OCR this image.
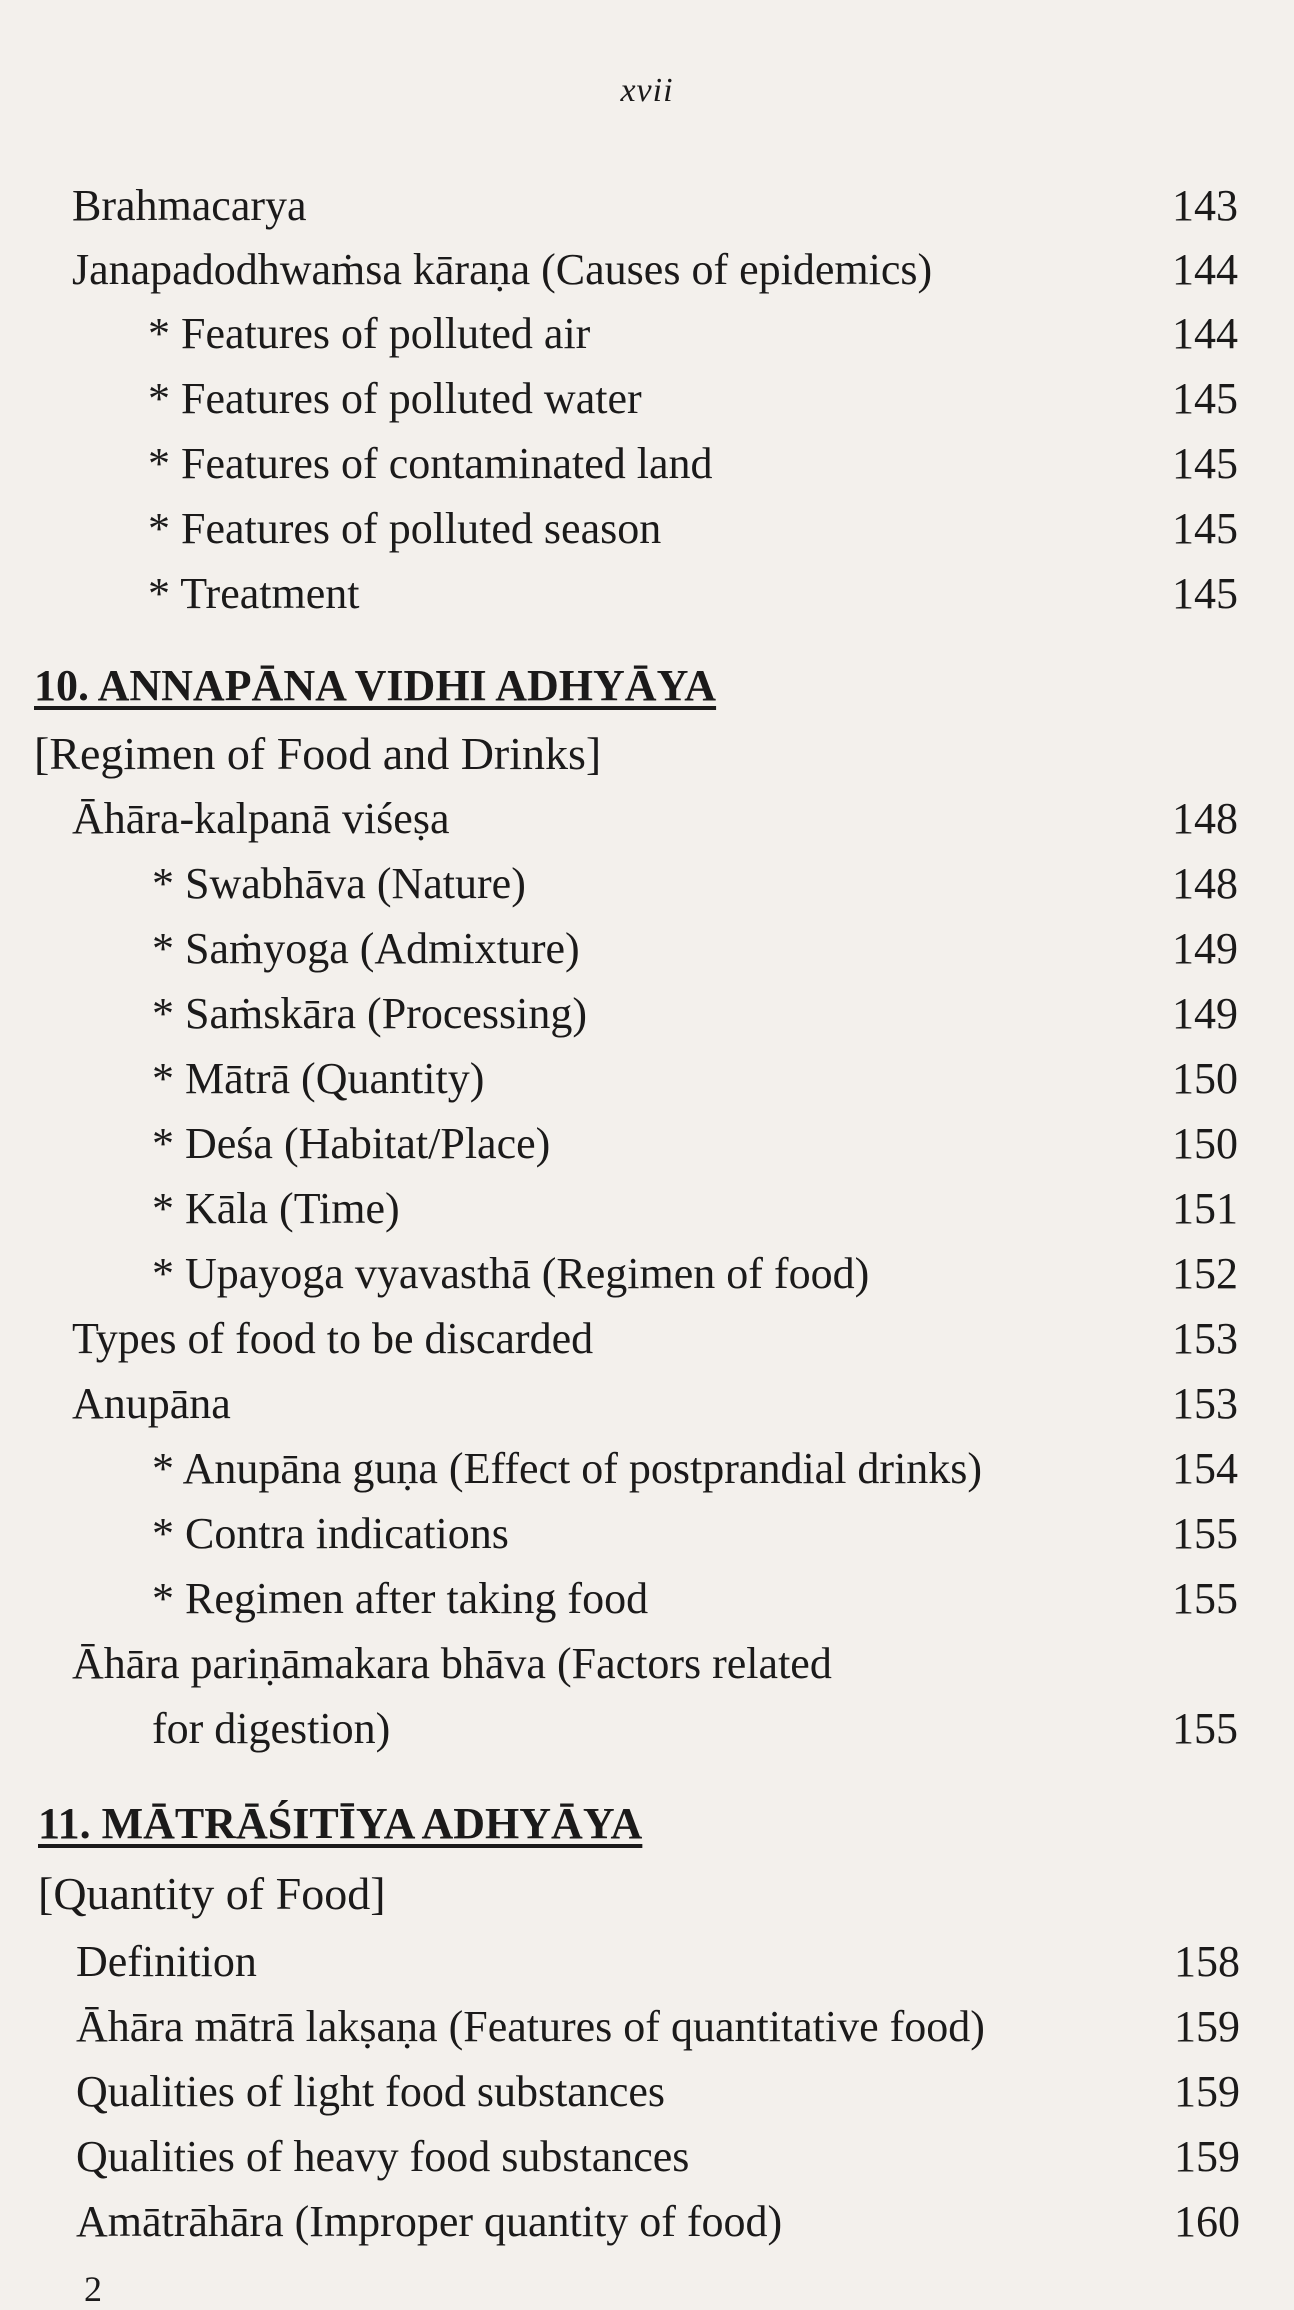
xvii
Brahmacarya	143
Janapadodhwaṁsa kāraṇa (Causes of epidemics)	144
* Features of polluted air	144
* Features of polluted water	145
* Features of contaminated land	145
* Features of polluted season	145
* Treatment	145
10. ANNAPĀNA VIDHI ADHYĀYA
[Regimen of Food and Drinks]
Āhāra-kalpanā viśeṣa	148
* Swabhāva (Nature)	148
* Saṁyoga (Admixture)	149
* Saṁskāra (Processing)	149
* Mātrā (Quantity)	150
* Deśa (Habitat/Place)	150
* Kāla (Time)	151
* Upayoga vyavasthā (Regimen of food)	152
Types of food to be discarded	153
Anupāna	153
* Anupāna guṇa (Effect of postprandial drinks)	154
* Contra indications	155
* Regimen after taking food	155
Āhāra pariṇāmakara bhāva (Factors related
for digestion)	155
11. MĀTRĀŚITĪYA ADHYĀYA
[Quantity of Food]
Definition	158
Āhāra mātrā lakṣaṇa (Features of quantitative food)	159
Qualities of light food substances	159
Qualities of heavy food substances	159
Amātrāhāra (Improper quantity of food)	160
2
